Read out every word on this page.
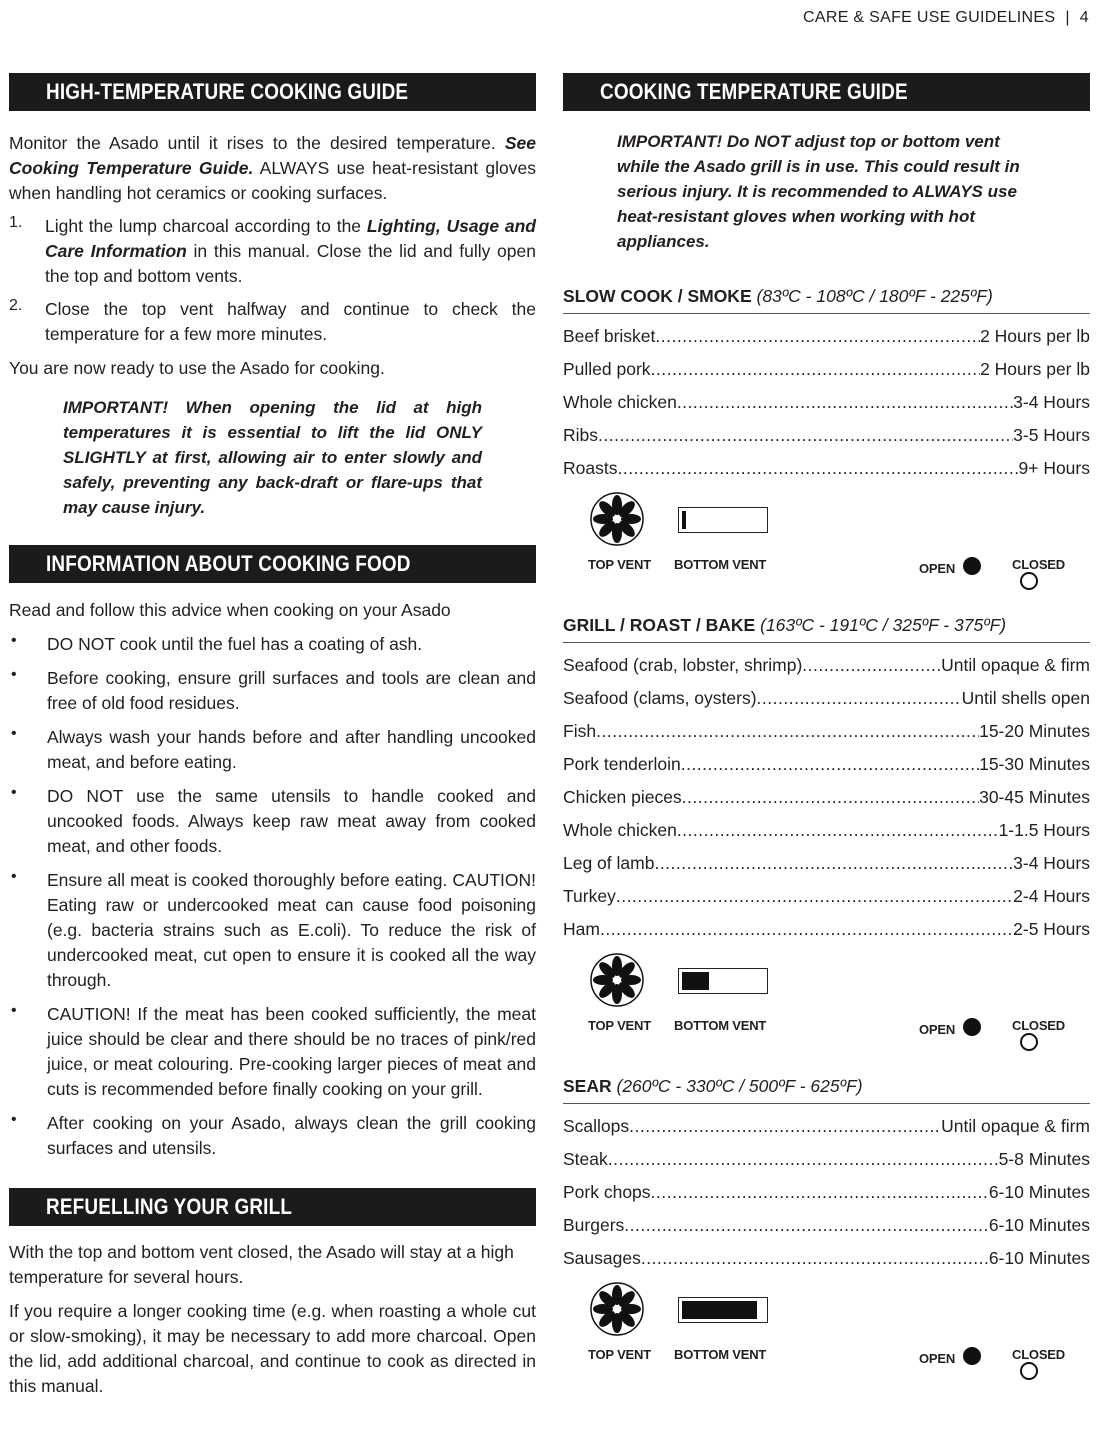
CARE & SAFE USE GUIDELINES | 4
HIGH-TEMPERATURE COOKING GUIDE

Monitor the Asado until it rises to the desired temperature. See Cooking Temperature Guide. ALWAYS use heat-resistant gloves when handling hot ceramics or cooking surfaces.

1.	Light the lump charcoal according to the Lighting, Usage and Care Information in this manual. Close the lid and fully open the top and bottom vents.

2.	Close the top vent halfway and continue to check the temperature for a few more minutes.

You are now ready to use the Asado for cooking.

IMPORTANT! When opening the lid at high temperatures it is essential to lift the lid ONLY SLIGHTLY at first, allowing air to enter slowly and safely, preventing any back-draft or flare-ups that may cause injury.

INFORMATION ABOUT COOKING FOOD

Read and follow this advice when cooking on your Asado

•	DO NOT cook until the fuel has a coating of ash.

•	Before cooking, ensure grill surfaces and tools are clean and free of old food residues.

•	Always wash your hands before and after handling uncooked meat, and before eating.

•	DO NOT use the same utensils to handle cooked and uncooked foods. Always keep raw meat away from cooked meat, and other foods.

•	Ensure all meat is cooked thoroughly before eating. CAUTION! Eating raw or undercooked meat can cause food poisoning (e.g. bacteria strains such as E.coli). To reduce the risk of undercooked meat, cut open to ensure it is cooked all the way through.

•	CAUTION! If the meat has been cooked sufficiently, the meat juice should be clear and there should be no traces of pink/red juice, or meat colouring. Pre-cooking larger pieces of meat and cuts is recommended before finally cooking on your grill.

•	After cooking on your Asado, always clean the grill cooking surfaces and utensils.

REFUELLING YOUR GRILL

With the top and bottom vent closed, the Asado will stay at a high temperature for several hours.

If you require a longer cooking time (e.g. when roasting a whole cut or slow-smoking), it may be necessary to add more charcoal. Open the lid, add additional charcoal, and continue to cook as directed in this manual.

COOKING TEMPERATURE GUIDE

IMPORTANT! Do NOT adjust top or bottom vent while the Asado grill is in use. This could result in serious injury. It is recommended to ALWAYS use heat-resistant gloves when working with hot appliances.

SLOW COOK / SMOKE (83ºC - 108ºC / 180ºF - 225ºF)
Beef brisket .....	2 Hours per lb
Pulled pork .....	2 Hours per lb
Whole chicken .....	3-4 Hours
Ribs .....	3-5 Hours
Roasts .....	9+ Hours
TOP VENT BOTTOM VENT	OPEN	CLOSED
GRILL / ROAST / BAKE (163ºC - 191ºC / 325ºF - 375ºF)
Seafood (crab, lobster, shrimp) .....	Until opaque & firm
Seafood (clams, oysters) .....	Until shells open
Fish .....	15-20 Minutes
Pork tenderloin .....	15-30 Minutes
Chicken pieces .....	30-45 Minutes
Whole chicken .....	1-1.5 Hours
Leg of lamb .....	3-4 Hours
Turkey .....	2-4 Hours
Ham .....	2-5 Hours
TOP VENT BOTTOM VENT	OPEN	CLOSED
SEAR (260ºC - 330ºC / 500ºF - 625ºF)
Scallops .....	Until opaque & firm
Steak .....	5-8 Minutes
Pork chops .....	6-10 Minutes
Burgers .....	6-10 Minutes
Sausages .....	6-10 Minutes
TOP VENT BOTTOM VENT	OPEN	CLOSED
